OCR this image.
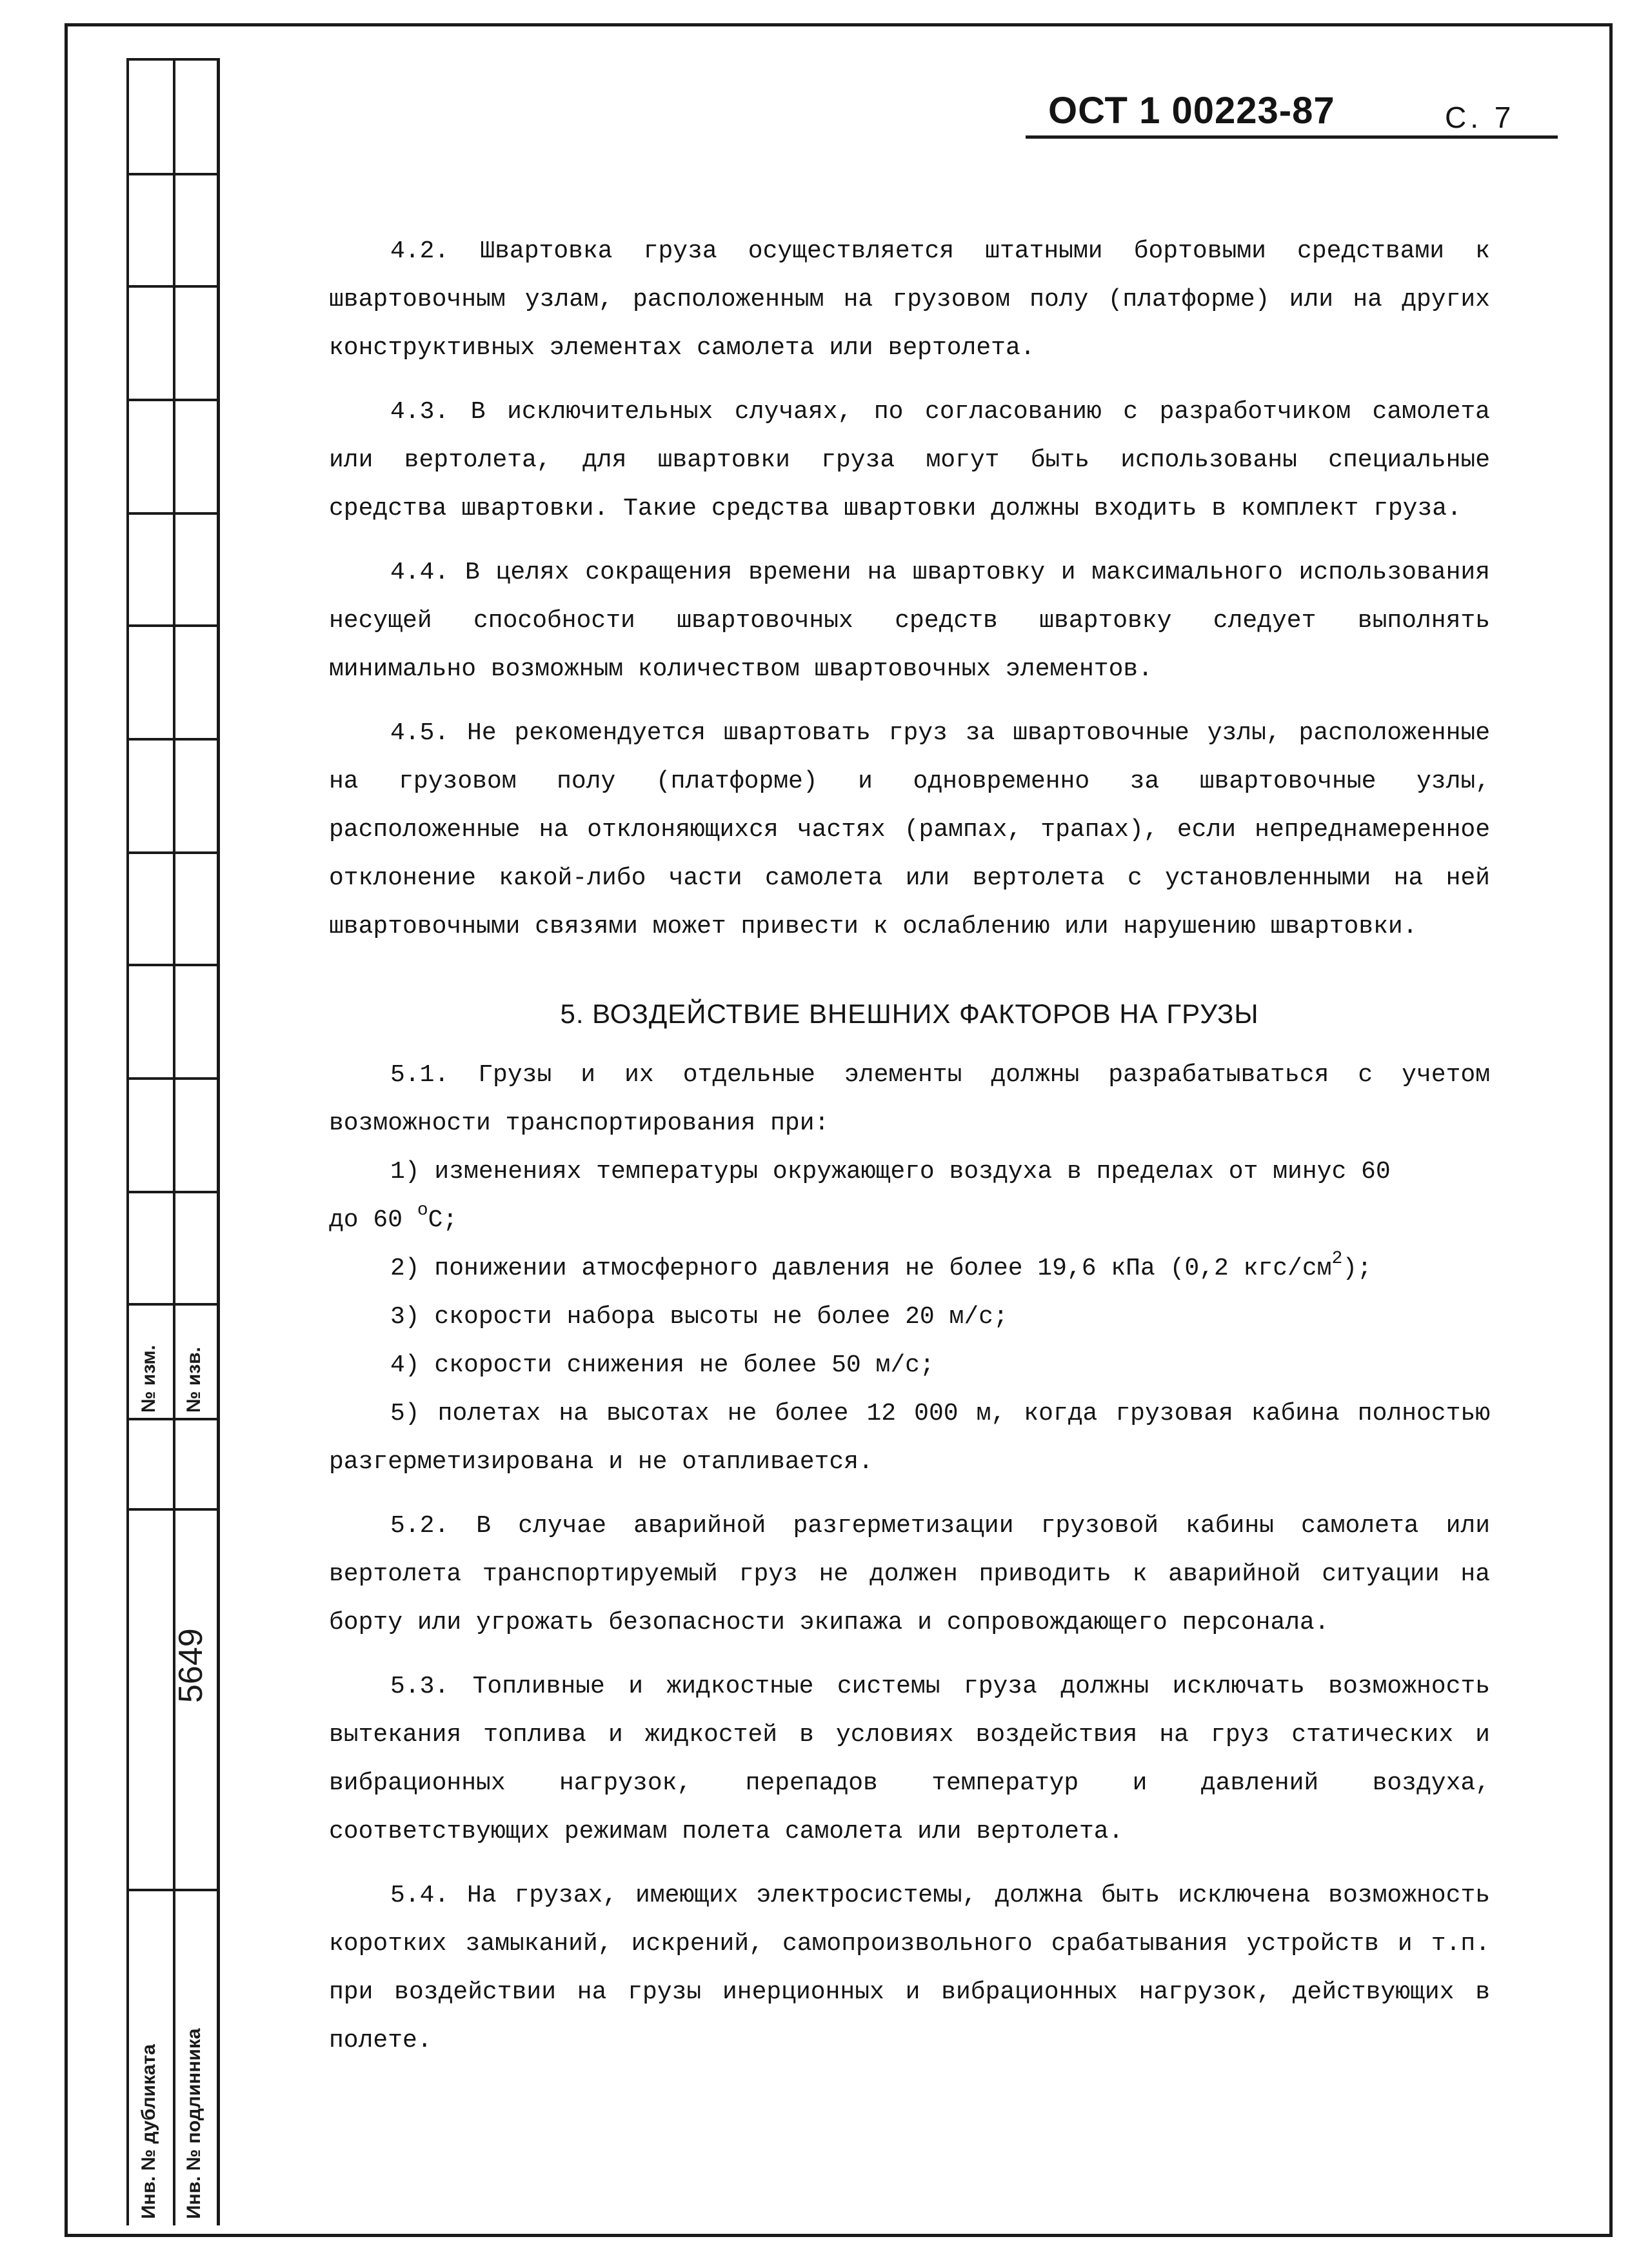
№ изм. № изв.
Инв. № дубликата Инв. № подлинника
5649
ОСТ 1 00223-87	С. 7

4.2. Швартовка груза осуществляется штатными бортовыми средствами к швартовочным узлам, расположенным на грузовом полу (платформе) или на других конструктивных элементах самолета или вертолета.

4.3. В исключительных случаях, по согласованию с разработчиком самолета или вертолета, для швартовки груза могут быть использованы специальные средства швартовки. Такие средства швартовки должны входить в комплект груза.

4.4. В целях сокращения времени на швартовку и максимального использования несущей способности швартовочных средств швартовку следует выполнять минимально возможным количеством швартовочных элементов.

4.5. Не рекомендуется швартовать груз за швартовочные узлы, расположенные на грузовом полу (платформе) и одновременно за швартовочные узлы, расположенные на отклоняющихся частях (рампах, трапах), если непреднамеренное отклонение какой-либо части самолета или вертолета с установленными на ней швартовочными связями может привести к ослаблению или нарушению швартовки.

5. ВОЗДЕЙСТВИЕ ВНЕШНИХ ФАКТОРОВ НА ГРУЗЫ

5.1. Грузы и их отдельные элементы должны разрабатываться с учетом возможности транспортирования при:

1) изменениях температуры окружающего воздуха в пределах от минус 60

до 60 $^о$С;

2) понижении атмосферного давления не более 19,6 кПа (0,2 кгс/$см^2$);

3) скорости набора высоты не более 20 м/с;

4) скорости снижения не более 50 м/с;

5) полетах на высотах не более 12 000 м, когда грузовая кабина полностью разгерметизирована и не отапливается.

5.2. В случае аварийной разгерметизации грузовой кабины самолета или вертолета транспортируемый груз не должен приводить к аварийной ситуации на борту или угрожать безопасности экипажа и сопровождающего персонала.

5.3. Топливные и жидкостные системы груза должны исключать возможность вытекания топлива и жидкостей в условиях воздействия на груз статических и вибрационных нагрузок, перепадов температур и давлений воздуха, соответствующих режимам полета самолета или вертолета.

5.4. На грузах, имеющих электросистемы, должна быть исключена возможность коротких замыканий, искрений, самопроизвольного срабатывания устройств и т.п. при воздействии на грузы инерционных и вибрационных нагрузок, действующих в полете.
